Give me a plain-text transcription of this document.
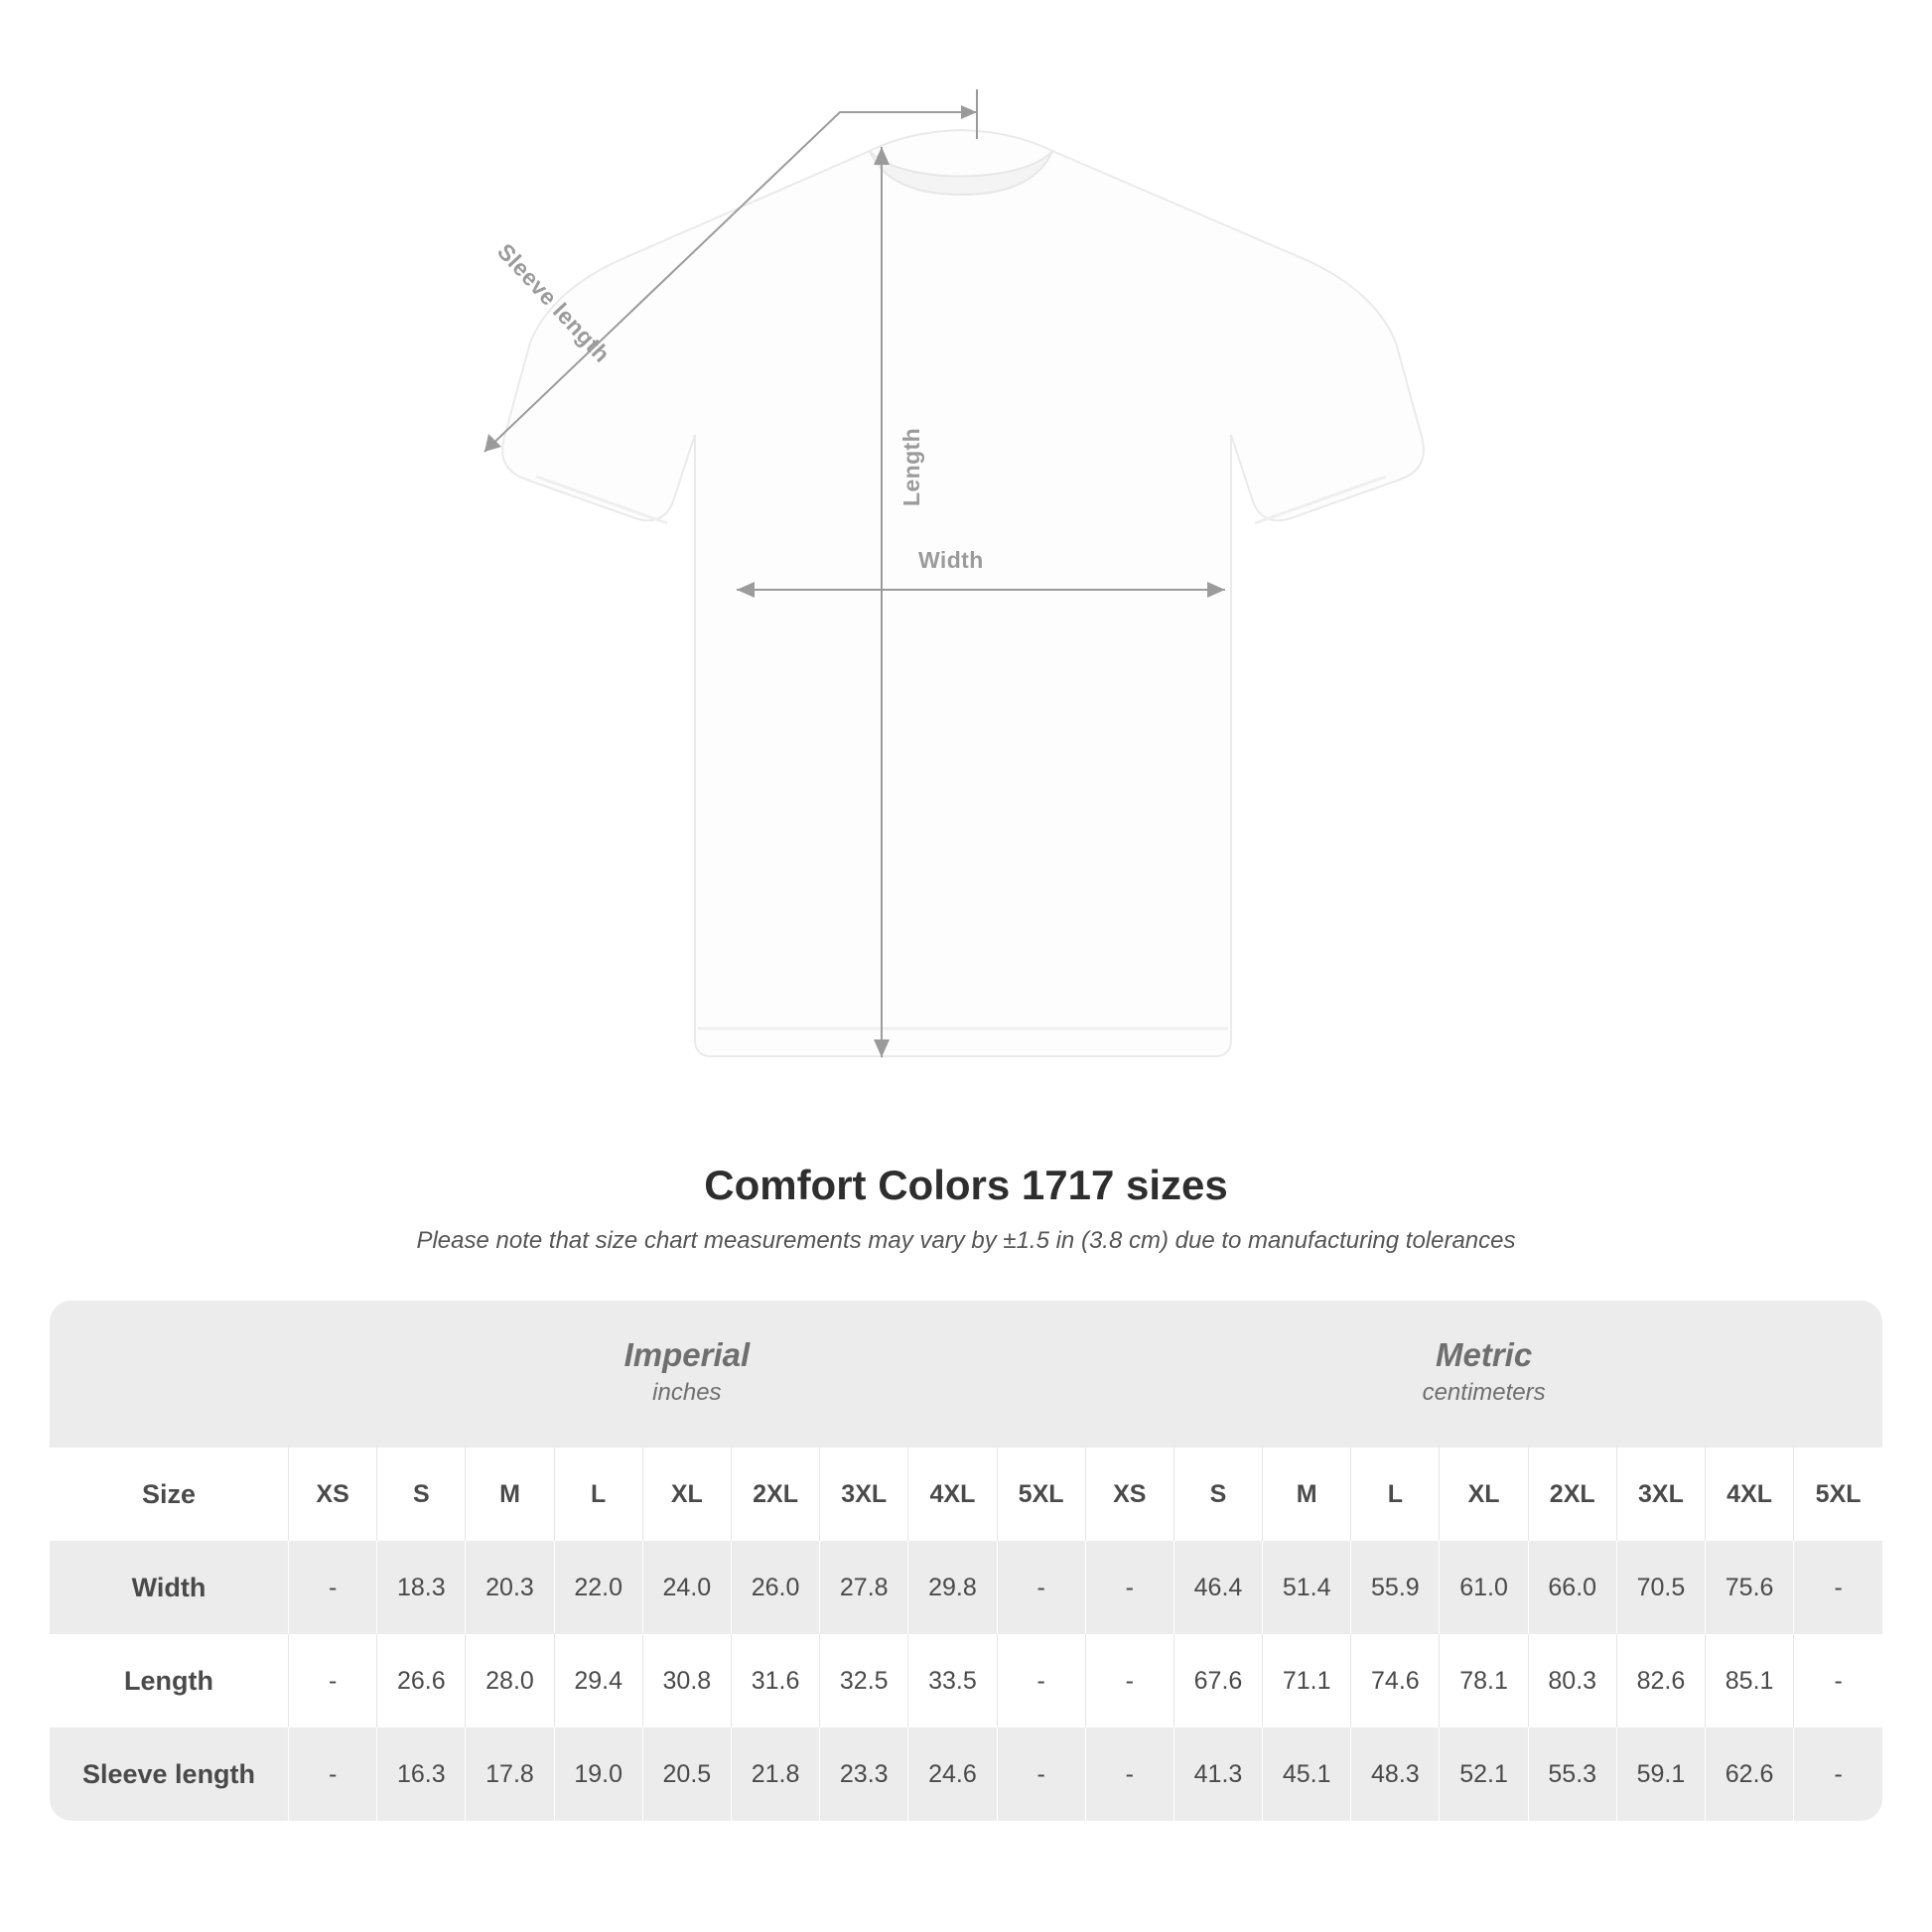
Sleeve length
Length
Width
Comfort Colors 1717 sizes

Please note that size chart measurements may vary by ±1.5 in (3.8 cm) due to manufacturing tolerances

Imperial
inches

Metric
centimeters

Size	XS	S	M	L	XL	2XL	3XL	4XL	5XL	XS	S	M	L	XL	2XL	3XL	4XL	5XL
Width	-	18.3	20.3	22.0	24.0	26.0	27.8	29.8	-	-	46.4	51.4	55.9	61.0	66.0	70.5	75.6	-
Length	-	26.6	28.0	29.4	30.8	31.6	32.5	33.5	-	-	67.6	71.1	74.6	78.1	80.3	82.6	85.1	-
Sleeve length	-	16.3	17.8	19.0	20.5	21.8	23.3	24.6	-	-	41.3	45.1	48.3	52.1	55.3	59.1	62.6	-
